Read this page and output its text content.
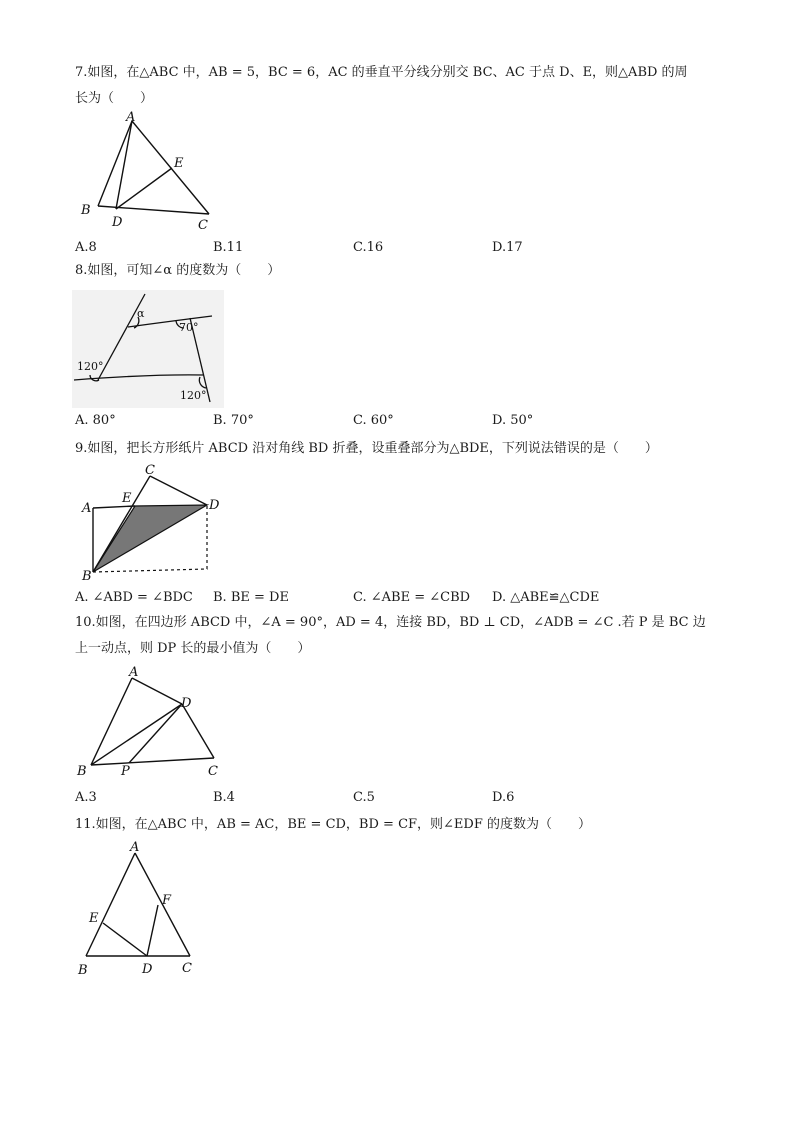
7.如图，在△ABC 中，AB = 5，BC = 6，AC 的垂直平分线分别交 BC、AC 于点 D、E，则△ABD 的周
长为（　　）
A
B
C
D
E
A.8	B.11	C.16	D.17
8.如图，可知∠α 的度数为（　　）
α
70°
120°
120°
A. 80°	B. 70°	C. 60°	D. 50°
9.如图，把长方形纸片 ABCD 沿对角线 BD 折叠，设重叠部分为△BDE，下列说法错误的是（　　）
A
B
C
D
E
A. ∠ABD = ∠BDC B. BE = DE	C. ∠ABE = ∠CBD D. △ABE≌△CDE
10.如图，在四边形 ABCD 中，∠A = 90°，AD = 4，连接 BD，BD ⊥ CD，∠ADB = ∠C .若 P 是 BC 边
上一动点，则 DP 长的最小值为（　　）
A
B	C
D
P
A.3	B.4	C.5	D.6
11.如图，在△ABC 中，AB = AC，BE = CD，BD = CF，则∠EDF 的度数为（　　）
A
B	C
D
E
F
